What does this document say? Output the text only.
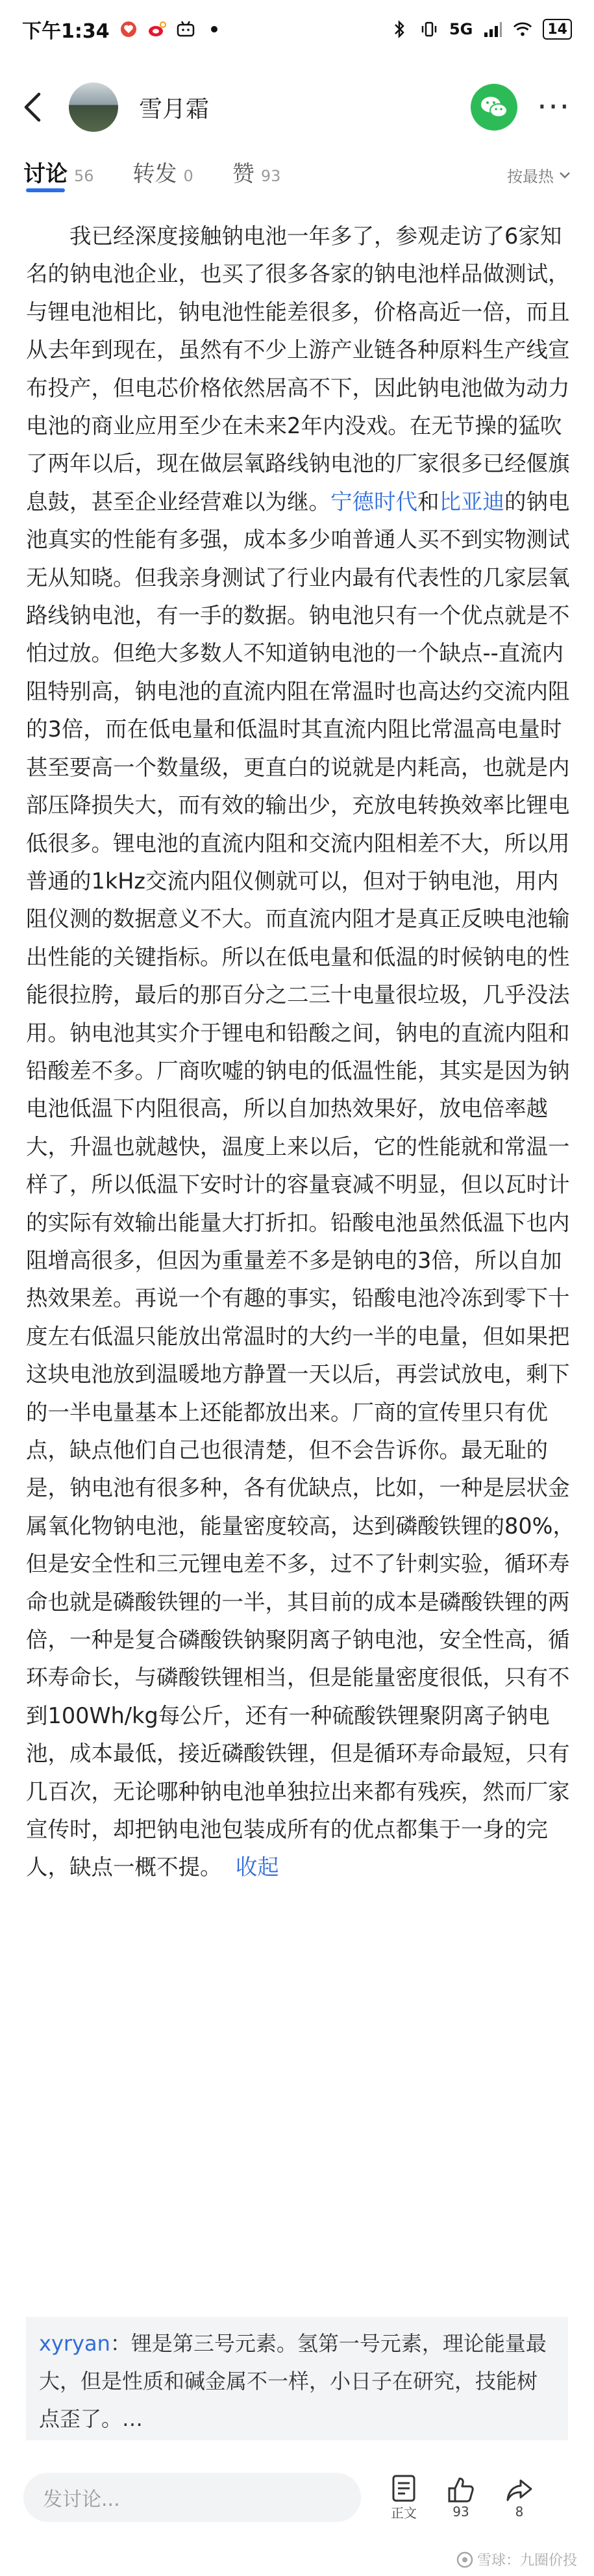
下午1:34	5G	14
雪月霜	···
讨论 56 转发 0 赞 93	按最热

我已经深度接触钠电池一年多了，参观走访了6家知名的钠电池企业，也买了很多各家的钠电池样品做测试，与锂电池相比，钠电池性能差很多，价格高近一倍，而且从去年到现在，虽然有不少上游产业链各种原料生产线宣布投产，但电芯价格依然居高不下，因此钠电池做为动力电池的商业应用至少在未来2年内没戏。在无节操的猛吹了两年以后，现在做层氧路线钠电池的厂家很多已经偃旗息鼓，甚至企业经营难以为继。宁德时代和比亚迪的钠电池真实的性能有多强，成本多少咱普通人买不到实物测试无从知晓。但我亲身测试了行业内最有代表性的几家层氧路线钠电池，有一手的数据。钠电池只有一个优点就是不怕过放。但绝大多数人不知道钠电池的一个缺点--直流内阻特别高，钠电池的直流内阻在常温时也高达约交流内阻的3倍，而在低电量和低温时其直流内阻比常温高电量时甚至要高一个数量级，更直白的说就是内耗高，也就是内部压降损失大，而有效的输出少，充放电转换效率比锂电低很多。锂电池的直流内阻和交流内阻相差不大，所以用普通的1kHz交流内阻仪侧就可以，但对于钠电池，用内阻仪测的数据意义不大。而直流内阻才是真正反映电池输出性能的关键指标。所以在低电量和低温的时候钠电的性能很拉胯，最后的那百分之二三十电量很垃圾，几乎没法用。钠电池其实介于锂电和铅酸之间，钠电的直流内阻和铅酸差不多。厂商吹嘘的钠电的低温性能，其实是因为钠电池低温下内阻很高，所以自加热效果好，放电倍率越大，升温也就越快，温度上来以后，它的性能就和常温一样了，所以低温下安时计的容量衰减不明显，但以瓦时计的实际有效输出能量大打折扣。铅酸电池虽然低温下也内阻增高很多，但因为重量差不多是钠电的3倍，所以自加热效果差。再说一个有趣的事实，铅酸电池冷冻到零下十度左右低温只能放出常温时的大约一半的电量，但如果把这块电池放到温暖地方静置一天以后，再尝试放电，剩下的一半电量基本上还能都放出来。厂商的宣传里只有优点，缺点他们自己也很清楚，但不会告诉你。最无耻的是，钠电池有很多种，各有优缺点，比如，一种是层状金属氧化物钠电池，能量密度较高，达到磷酸铁锂的80%，但是安全性和三元锂电差不多，过不了针刺实验，循环寿命也就是磷酸铁锂的一半，其目前的成本是磷酸铁锂的两倍，一种是复合磷酸铁钠聚阴离子钠电池，安全性高，循环寿命长，与磷酸铁锂相当，但是能量密度很低，只有不到100Wh/kg每公斤，还有一种硫酸铁锂聚阴离子钠电池，成本最低，接近磷酸铁锂，但是循环寿命最短，只有几百次，无论哪种钠电池单独拉出来都有残疾，然而厂家宣传时，却把钠电池包装成所有的优点都集于一身的完人，缺点一概不提。 收起

xyryan：锂是第三号元素。氢第一号元素，理论能量最大，但是性质和碱金属不一样，小日子在研究，技能树点歪了。…
发讨论...
正文	93	8
雪球：九圈价投
